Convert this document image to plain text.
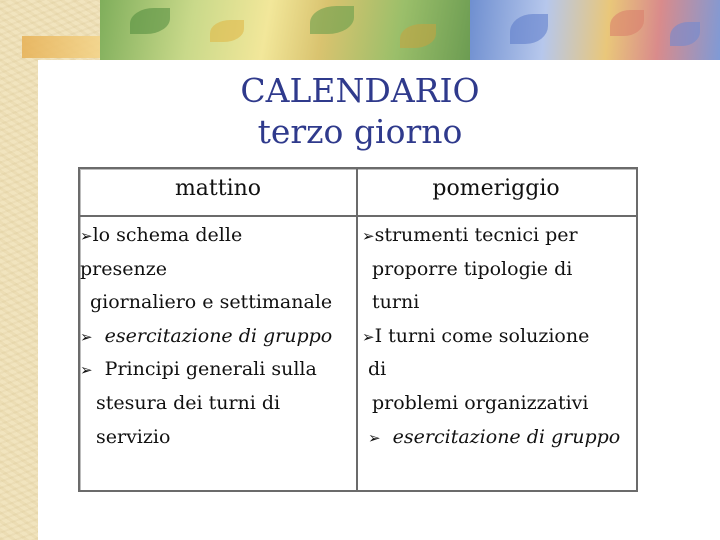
CALENDARIO
terzo giorno
mattino	pomeriggio
➢lo schema delle
presenze
giornaliero e settimanale
➢ esercitazione di gruppo
➢ Principi generali sulla
stesura dei turni di
servizio
➢strumenti tecnici per
proporre tipologie di
turni
➢I turni come soluzione
di
problemi organizzativi
➢ esercitazione di gruppo
